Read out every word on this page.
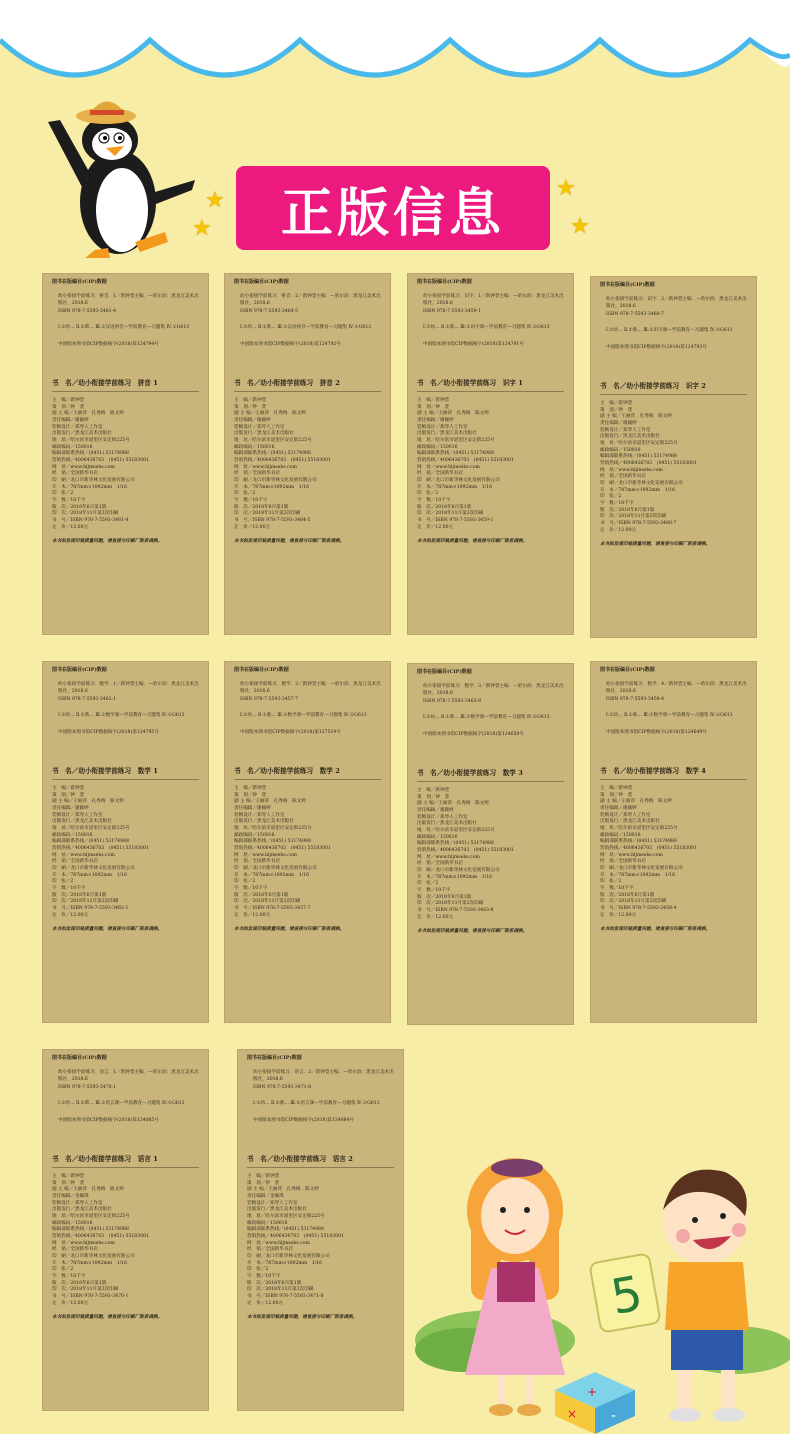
正版信息
★
★
★
★
图书在版编目(CIP)数据
幼小衔接学前练习．拼音．1／新钟萱主编．—哈尔滨：黑龙江美术出版社，2018.6
ISBN 978-7-5593-3461-4
Ⅰ.①幼… Ⅱ.①新… Ⅲ.①汉语拼音—学前教育—习题集 Ⅳ.①G613
中国版本图书馆CIP数据核字(2018)第124794号
书　名／幼小衔接学前练习　拼音 1
主　编／新钟萱
策　划／钟　萱
副 主 编／王丽萍　孔秀梅　陈文婷
责任编辑／谢颖婷
装帧设计／郑琴人工作室
出版发行／黑龙江美术出版社
地　址／哈尔滨市道里区安定街225号
邮政编码／150016
编辑部联系热线／(0451) 53174988
营销热线／4006436703　(0451) 55183001
网　址／www.hljmsebs.com
经　销／全国新华书店
印　刷／龙口市新华林文化发展有限公司
开　本／787mm×1092mm　1/16
印　张／2
字　数／10千字
版　次／2018年6月第1版
印　次／2018年11月第2次印刷
书　号／ISBN 978-7-5593-3461-4
定　价／12.00元
本书如发现印装质量问题，请直接与印刷厂联系调换。
图书在版编目(CIP)数据
幼小衔接学前练习．拼音．2／新钟萱主编．—哈尔滨：黑龙江美术出版社，2018.6
ISBN 978-7-5593-3464-5
Ⅰ.①幼… Ⅱ.①新… Ⅲ.①汉语拼音—学前教育—习题集 Ⅳ.①G613
中国版本图书馆CIP数据核字(2018)第124792号
书　名／幼小衔接学前练习　拼音 2
主　编／新钟萱
策　划／钟　萱
副 主 编／王丽萍　孔秀梅　陈文婷
责任编辑／谢颖婷
装帧设计／郑琴人工作室
出版发行／黑龙江美术出版社
地　址／哈尔滨市道里区安定街225号
邮政编码／150016
编辑部联系热线／(0451) 53174988
营销热线／4006436703　(0451) 55183001
网　址／www.hljmsebs.com
经　销／全国新华书店
印　刷／龙口市新华林文化发展有限公司
开　本／787mm×1092mm　1/16
印　张／2
字　数／10千字
版　次／2018年6月第1版
印　次／2018年11月第2次印刷
书　号／ISBN 978-7-5593-3464-5
定　价／12.00元
本书如发现印装质量问题，请直接与印刷厂联系调换。
图书在版编目(CIP)数据
幼小衔接学前练习．识字．1／新钟萱主编．—哈尔滨：黑龙江美术出版社，2018.6
ISBN 978-7-5593-3459-1
Ⅰ.①幼… Ⅱ.①新… Ⅲ.①识字课—学前教育—习题集 Ⅳ.①G613
中国版本图书馆CIP数据核字(2018)第124791号
书　名／幼小衔接学前练习　识字 1
主　编／新钟萱
策　划／钟　萱
副 主 编／王丽萍　孔秀梅　陈文婷
责任编辑／谢颖婷
装帧设计／郑琴人工作室
出版发行／黑龙江美术出版社
地　址／哈尔滨市道里区安定街225号
邮政编码／150016
编辑部联系热线／(0451) 53174988
营销热线／4006436703　(0451) 55183001
网　址／www.hljmsebs.com
经　销／全国新华书店
印　刷／龙口市新华林文化发展有限公司
开　本／787mm×1092mm　1/16
印　张／2
字　数／10千字
版　次／2018年6月第1版
印　次／2018年11月第2次印刷
书　号／ISBN 978-7-5593-3459-1
定　价／12.00元
本书如发现印装质量问题，请直接与印刷厂联系调换。
图书在版编目(CIP)数据
幼小衔接学前练习．识字．2／新钟萱主编．—哈尔滨：黑龙江美术出版社，2018.6
ISBN 978-7-5593-3460-7
Ⅰ.①幼… Ⅱ.①新… Ⅲ.①识字课—学前教育—习题集 Ⅳ.①G613
中国版本图书馆CIP数据核字(2018)第124793号
书　名／幼小衔接学前练习　识字 2
主　编／新钟萱
策　划／钟　萱
副 主 编／王丽萍　孔秀梅　陈文婷
责任编辑／谢颖婷
装帧设计／郑琴人工作室
出版发行／黑龙江美术出版社
地　址／哈尔滨市道里区安定街225号
邮政编码／150016
编辑部联系热线／(0451) 53174988
营销热线／4006436703　(0451) 55183001
网　址／www.hljmsebs.com
经　销／全国新华书店
印　刷／龙口市新华林文化发展有限公司
开　本／787mm×1092mm　1/16
印　张／2
字　数／10千字
版　次／2018年6月第1版
印　次／2018年11月第2次印刷
书　号／ISBN 978-7-5593-3460-7
定　价／12.00元
本书如发现印装质量问题，请直接与印刷厂联系调换。
图书在版编目(CIP)数据
幼小衔接学前练习．数学．1／新钟萱主编．—哈尔滨：黑龙江美术出版社，2018.6
ISBN 978-7-5593-3462-1
Ⅰ.①幼… Ⅱ.①新… Ⅲ.①数学课—学前教育—习题集 Ⅳ.①G613
中国版本图书馆CIP数据核字(2018)第124795号
书　名／幼小衔接学前练习　数学 1
主　编／新钟萱
策　划／钟　萱
副 主 编／王丽萍　孔秀梅　陈文婷
责任编辑／谢颖婷
装帧设计／郑琴人工作室
出版发行／黑龙江美术出版社
地　址／哈尔滨市道里区安定街225号
邮政编码／150016
编辑部联系热线／(0451) 53174988
营销热线／4006436703　(0451) 55183001
网　址／www.hljmsebs.com
经　销／全国新华书店
印　刷／龙口市新华林文化发展有限公司
开　本／787mm×1092mm　1/16
印　张／2
字　数／10千字
版　次／2018年6月第1版
印　次／2018年11月第2次印刷
书　号／ISBN 978-7-5593-3462-1
定　价／12.00元
本书如发现印装质量问题，请直接与印刷厂联系调换。
图书在版编目(CIP)数据
幼小衔接学前练习．数学．2／新钟萱主编．—哈尔滨：黑龙江美术出版社，2018.6
ISBN 978-7-5593-3457-7
Ⅰ.①幼… Ⅱ.①新… Ⅲ.①数学课—学前教育—习题集 Ⅳ.①G613
中国版本图书馆CIP数据核字(2018)第127519号
书　名／幼小衔接学前练习　数学 2
主　编／新钟萱
策　划／钟　萱
副 主 编／王丽萍　孔秀梅　陈文婷
责任编辑／谢颖婷
装帧设计／郑琴人工作室
出版发行／黑龙江美术出版社
地　址／哈尔滨市道里区安定街225号
邮政编码／150016
编辑部联系热线／(0451) 53174988
营销热线／4006436703　(0451) 55183001
网　址／www.hljmsebs.com
经　销／全国新华书店
印　刷／龙口市新华林文化发展有限公司
开　本／787mm×1092mm　1/16
印　张／2
字　数／10千字
版　次／2018年6月第1版
印　次／2018年11月第2次印刷
书　号／ISBN 978-7-5593-3457-7
定　价／12.00元
本书如发现印装质量问题，请直接与印刷厂联系调换。
图书在版编目(CIP)数据
幼小衔接学前练习．数学．3／新钟萱主编．—哈尔滨：黑龙江美术出版社，2018.6
ISBN 978-7-5593-3463-8
Ⅰ.①幼… Ⅱ.①新… Ⅲ.①数学课—学前教育—习题集 Ⅳ.①G613
中国版本图书馆CIP数据核字(2018)第124659号
书　名／幼小衔接学前练习　数学 3
主　编／新钟萱
策　划／钟　萱
副 主 编／王丽萍　孔秀梅　陈文婷
责任编辑／谢颖婷
装帧设计／郑琴人工作室
出版发行／黑龙江美术出版社
地　址／哈尔滨市道里区安定街225号
邮政编码／150016
编辑部联系热线／(0451) 53174988
营销热线／4006436703　(0451) 55183001
网　址／www.hljmsebs.com
经　销／全国新华书店
印　刷／龙口市新华林文化发展有限公司
开　本／787mm×1092mm　1/16
印　张／2
字　数／10千字
版　次／2018年6月第1版
印　次／2018年11月第2次印刷
书　号／ISBN 978-7-5593-3463-8
定　价／12.00元
本书如发现印装质量问题，请直接与印刷厂联系调换。
图书在版编目(CIP)数据
幼小衔接学前练习．数学．4／新钟萱主编．—哈尔滨：黑龙江美术出版社，2018.6
ISBN 978-7-5593-3458-4
Ⅰ.①幼… Ⅱ.①新… Ⅲ.①数学课—学前教育—习题集 Ⅳ.①G613
中国版本图书馆CIP数据核字(2018)第124649号
书　名／幼小衔接学前练习　数学 4
主　编／新钟萱
策　划／钟　萱
副 主 编／王丽萍　孔秀梅　陈文婷
责任编辑／谢颖婷
装帧设计／郑琴人工作室
出版发行／黑龙江美术出版社
地　址／哈尔滨市道里区安定街225号
邮政编码／150016
编辑部联系热线／(0451) 53174988
营销热线／4006436703　(0451) 55183001
网　址／www.hljmsebs.com
经　销／全国新华书店
印　刷／龙口市新华林文化发展有限公司
开　本／787mm×1092mm　1/16
印　张／2
字　数／10千字
版　次／2018年6月第1版
印　次／2018年11月第2次印刷
书　号／ISBN 978-7-5593-3458-4
定　价／12.00元
本书如发现印装质量问题，请直接与印刷厂联系调换。
图书在版编目(CIP)数据
幼小衔接学前练习．语言．1／新钟萱主编．—哈尔滨：黑龙江美术出版社，2018.6
ISBN 978-7-5593-3470-1
Ⅰ.①幼… Ⅱ.①新… Ⅲ.①语言课—学前教育—习题集 Ⅳ.①G613
中国版本图书馆CIP数据核字(2018)第134085号
书　名／幼小衔接学前练习　语言 1
主　编／新钟萱
策　划／钟　萱
副 主 编／王丽萍　孔秀梅　陈文婷
责任编辑／金佩琪
装帧设计／郑琴人工作室
出版发行／黑龙江美术出版社
地　址／哈尔滨市道里区安定街225号
邮政编码／150016
编辑部联系热线／(0451) 53174988
营销热线／4006436703　(0451) 55183001
网　址／www.hljmsebs.com
经　销／全国新华书店
印　刷／龙口市新华林文化发展有限公司
开　本／787mm×1092mm　1/16
印　张／2
字　数／10千字
版　次／2018年6月第1版
印　次／2018年11月第2次印刷
书　号／ISBN 978-7-5593-3470-1
定　价／12.00元
本书如发现印装质量问题，请直接与印刷厂联系调换。
图书在版编目(CIP)数据
幼小衔接学前练习．语言．2／新钟萱主编．—哈尔滨：黑龙江美术出版社，2018.6
ISBN 978-7-5593-3471-8
Ⅰ.①幼… Ⅱ.①新… Ⅲ.①语言课—学前教育—习题集 Ⅳ.①G613
中国版本图书馆CIP数据核字(2018)第134084号
书　名／幼小衔接学前练习　语言 2
主　编／新钟萱
策　划／钟　萱
副 主 编／王丽萍　孔秀梅　陈文婷
责任编辑／金佩琪
装帧设计／郑琴人工作室
出版发行／黑龙江美术出版社
地　址／哈尔滨市道里区安定街225号
邮政编码／150016
编辑部联系热线／(0451) 53174988
营销热线／4006436703　(0451) 55183001
网　址／www.hljmsebs.com
经　销／全国新华书店
印　刷／龙口市新华林文化发展有限公司
开　本／787mm×1092mm　1/16
印　张／2
字　数／10千字
版　次／2018年6月第1版
印　次／2018年11月第2次印刷
书　号／ISBN 978-7-5593-3471-8
定　价／12.00元
本书如发现印装质量问题，请直接与印刷厂联系调换。	5
+
-
×
